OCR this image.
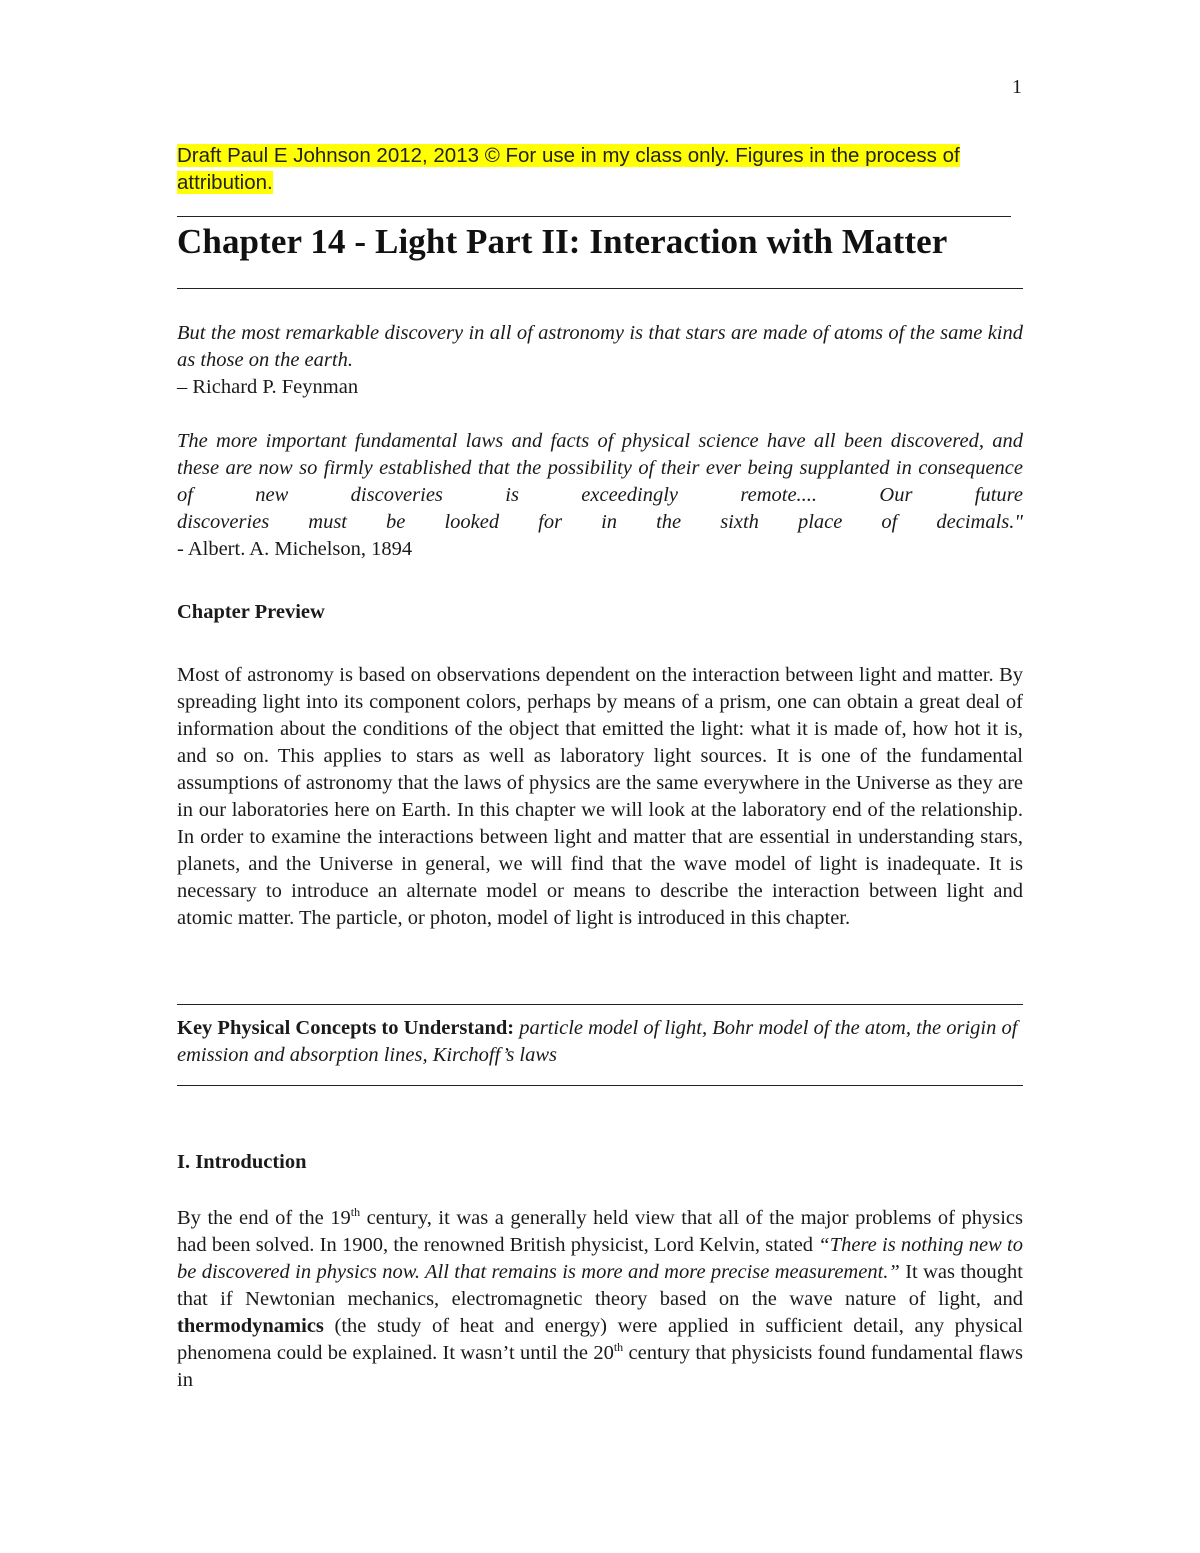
1
Draft Paul E Johnson 2012, 2013 © For use in my class only. Figures in the process of attribution.
Chapter 14 - Light Part II: Interaction with Matter

But the most remarkable discovery in all of astronomy is that stars are made of atoms of the same kind as those on the earth.

– Richard P. Feynman

The more important fundamental laws and facts of physical science have all been discovered, and these are now so firmly established that the possibility of their ever being supplanted in consequence of new discoveries is exceedingly remote.... Our future

discoveries must be looked for in the sixth place of decimals."

- Albert. A. Michelson, 1894

Chapter Preview

Most of astronomy is based on observations dependent on the interaction between light and matter. By spreading light into its component colors, perhaps by means of a prism, one can obtain a great deal of information about the conditions of the object that emitted the light: what it is made of, how hot it is, and so on. This applies to stars as well as laboratory light sources. It is one of the fundamental assumptions of astronomy that the laws of physics are the same everywhere in the Universe as they are in our laboratories here on Earth. In this chapter we will look at the laboratory end of the relationship. In order to examine the interactions between light and matter that are essential in understanding stars, planets, and the Universe in general, we will find that the wave model of light is inadequate. It is necessary to introduce an alternate model or means to describe the interaction between light and atomic matter. The particle, or photon, model of light is introduced in this chapter.

Key Physical Concepts to Understand: particle model of light, Bohr model of the atom, the origin of emission and absorption lines, Kirchoff’s laws

I. Introduction

By the end of the 19th century, it was a generally held view that all of the major problems of physics had been solved. In 1900, the renowned British physicist, Lord Kelvin, stated “There is nothing new to be discovered in physics now. All that remains is more and more precise measurement.” It was thought that if Newtonian mechanics, electromagnetic theory based on the wave nature of light, and thermodynamics (the study of heat and energy) were applied in sufficient detail, any physical phenomena could be explained. It wasn’t until the 20th century that physicists found fundamental flaws in
